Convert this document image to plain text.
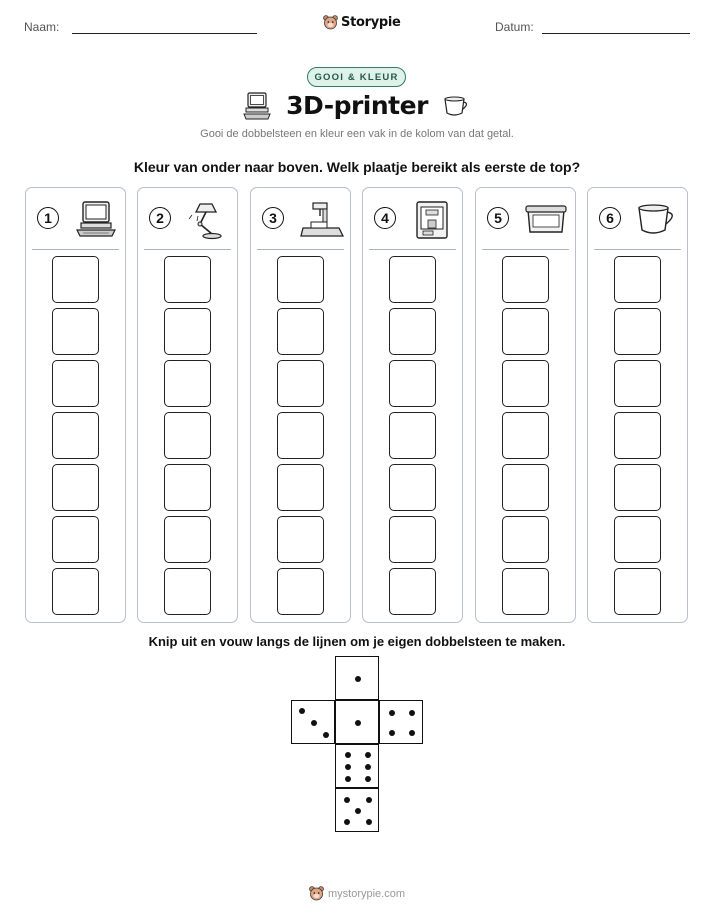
Naam:	Storypie	Datum:
GOOI & KLEUR
3D-printer
Gooi de dobbelsteen en kleur een vak in de kolom van dat getal.
Kleur van onder naar boven. Welk plaatje bereikt als eerste de top?
1	2	3	4	5	6
Knip uit en vouw langs de lijnen om je eigen dobbelsteen te maken.
mystorypie.com
